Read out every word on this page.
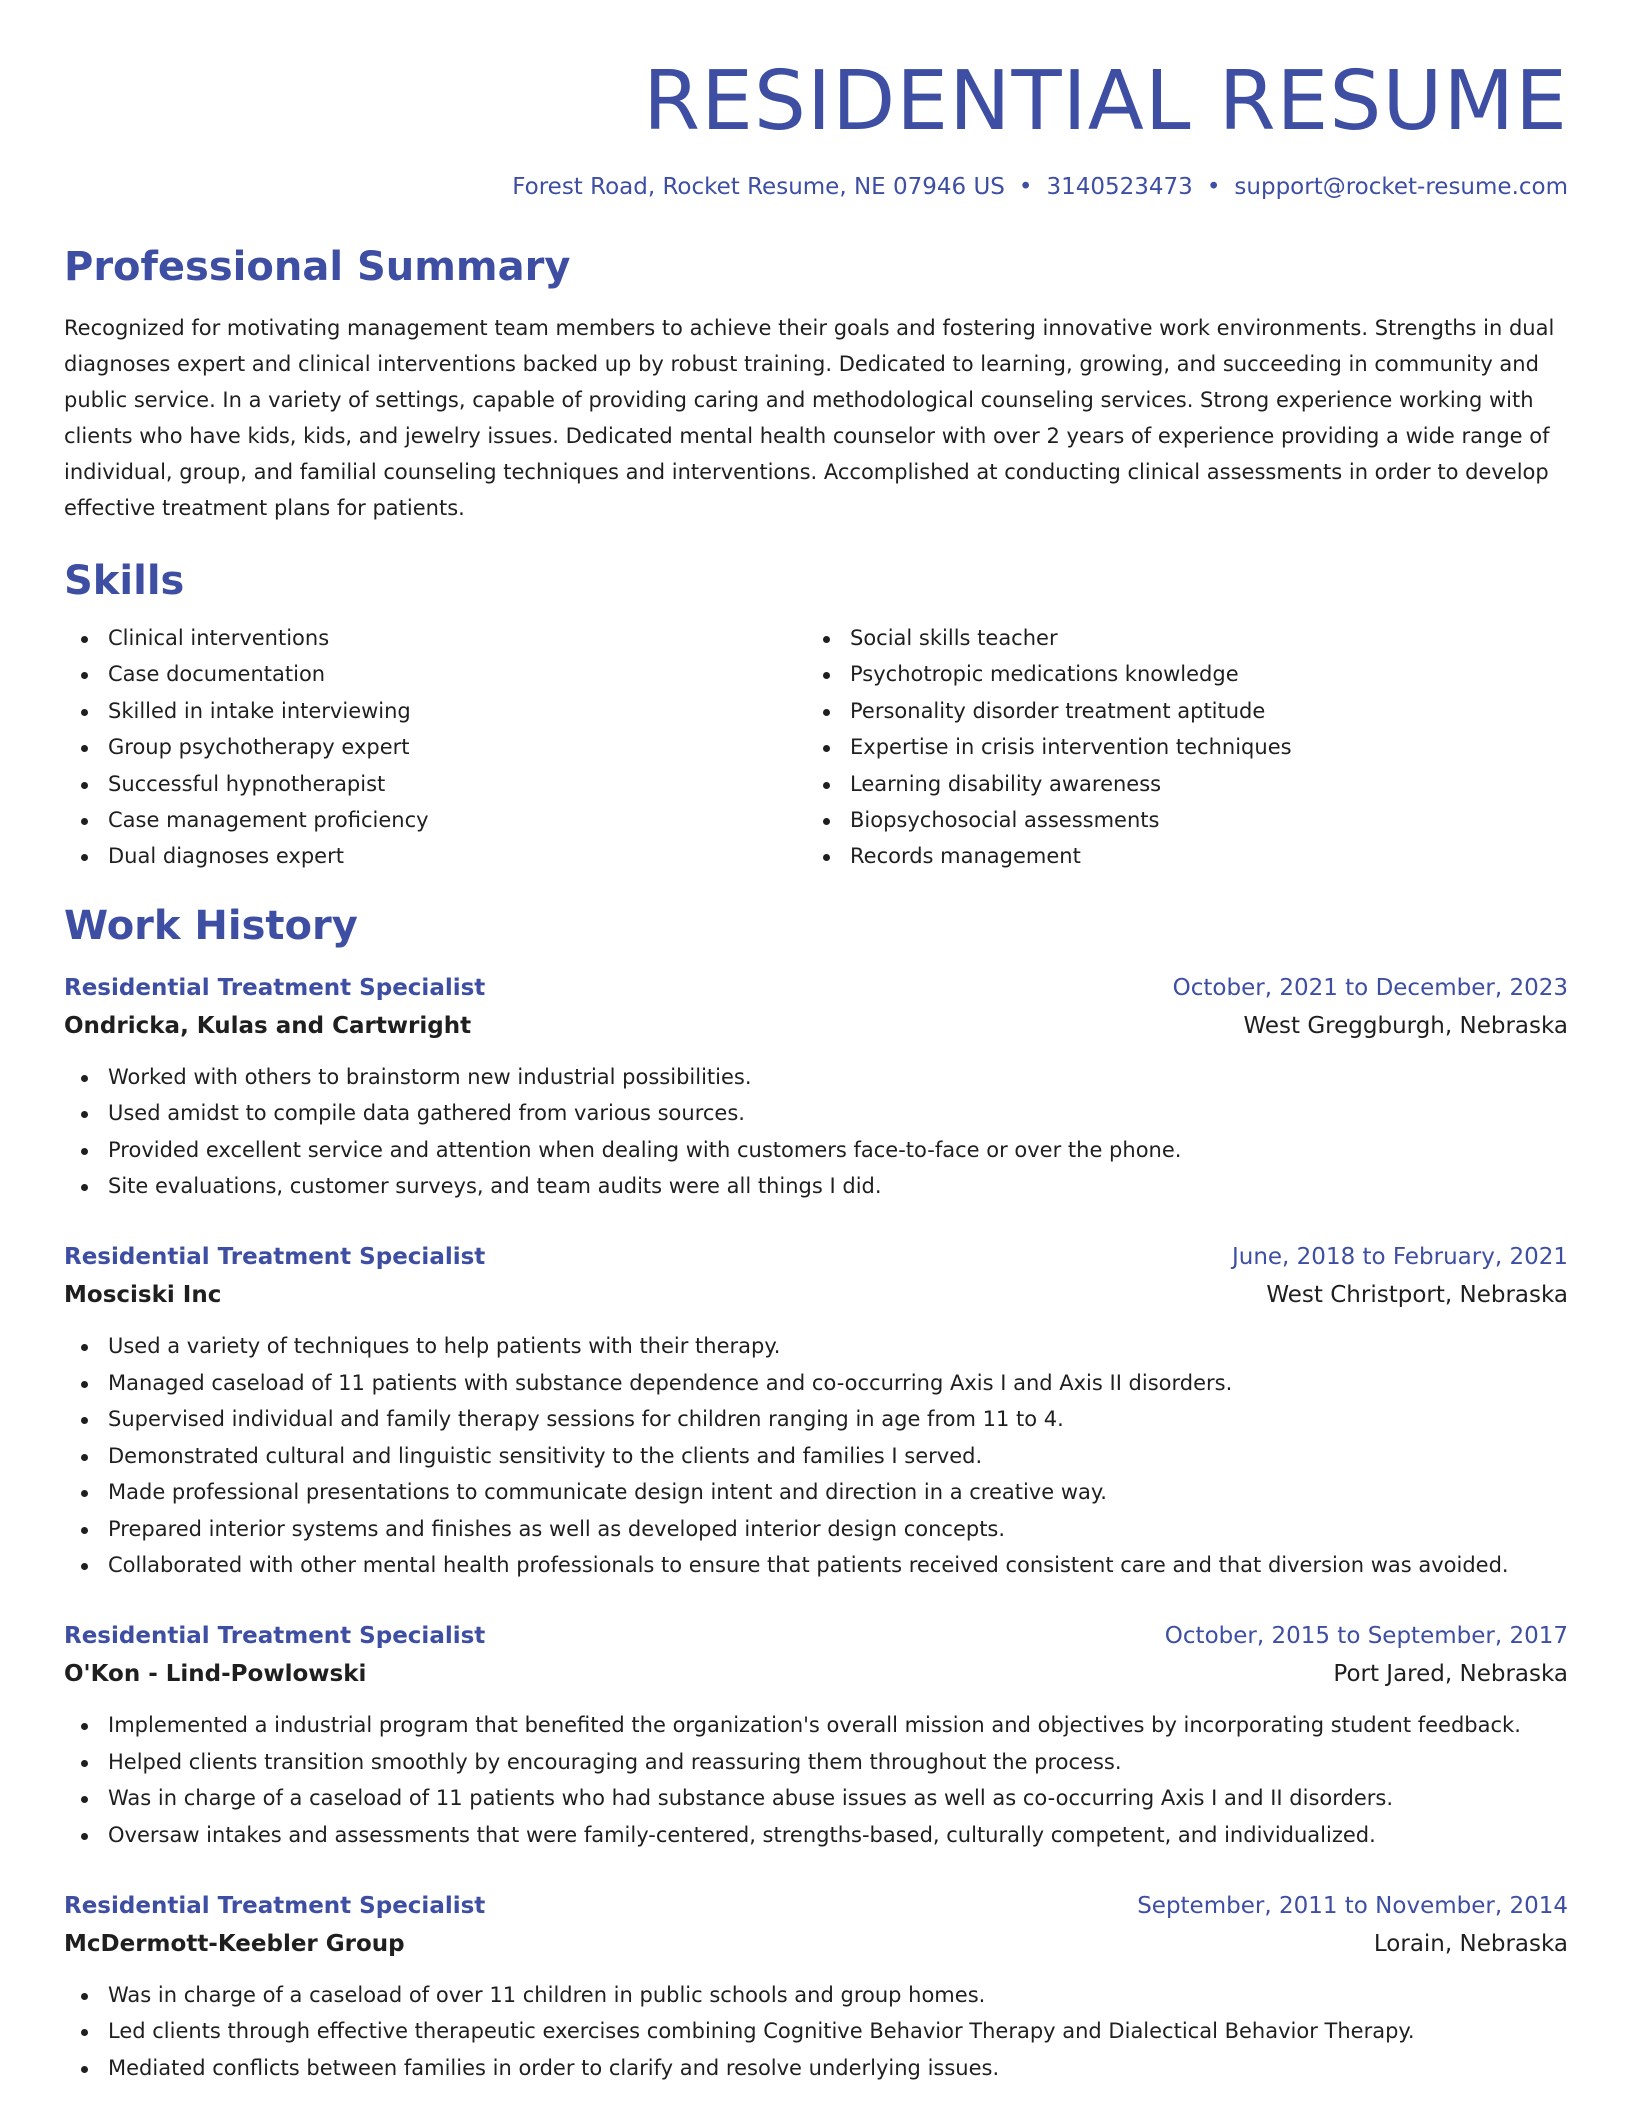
RESIDENTIAL RESUME
Forest Road, Rocket Resume, NE 07946 US • 3140523473 • support@rocket-resume.com
Professional Summary

Recognized for motivating management team members to achieve their goals and fostering innovative work environments. Strengths in dual diagnoses expert and clinical interventions backed up by robust training. Dedicated to learning, growing, and succeeding in community and public service. In a variety of settings, capable of providing caring and methodological counseling services. Strong experience working with clients who have kids, kids, and jewelry issues. Dedicated mental health counselor with over 2 years of experience providing a wide range of individual, group, and familial counseling techniques and interventions. Accomplished at conducting clinical assessments in order to develop effective treatment plans for patients.

Skills
Clinical interventions
Case documentation
Skilled in intake interviewing
Group psychotherapy expert
Successful hypnotherapist
Case management proficiency
Dual diagnoses expert
Social skills teacher
Psychotropic medications knowledge
Personality disorder treatment aptitude
Expertise in crisis intervention techniques
Learning disability awareness
Biopsychosocial assessments
Records management
Work History
Residential Treatment Specialist	October, 2021 to December, 2023
Ondricka, Kulas and Cartwright	West Greggburgh, Nebraska
Worked with others to brainstorm new industrial possibilities.
Used amidst to compile data gathered from various sources.
Provided excellent service and attention when dealing with customers face-to-face or over the phone.
Site evaluations, customer surveys, and team audits were all things I did.
Residential Treatment Specialist	June, 2018 to February, 2021
Mosciski Inc	West Christport, Nebraska
Used a variety of techniques to help patients with their therapy.
Managed caseload of 11 patients with substance dependence and co-occurring Axis I and Axis II disorders.
Supervised individual and family therapy sessions for children ranging in age from 11 to 4.
Demonstrated cultural and linguistic sensitivity to the clients and families I served.
Made professional presentations to communicate design intent and direction in a creative way.
Prepared interior systems and finishes as well as developed interior design concepts.
Collaborated with other mental health professionals to ensure that patients received consistent care and that diversion was avoided.
Residential Treatment Specialist	October, 2015 to September, 2017
O'Kon - Lind-Powlowski	Port Jared, Nebraska
Implemented a industrial program that benefited the organization's overall mission and objectives by incorporating student feedback.
Helped clients transition smoothly by encouraging and reassuring them throughout the process.
Was in charge of a caseload of 11 patients who had substance abuse issues as well as co-occurring Axis I and II disorders.
Oversaw intakes and assessments that were family-centered, strengths-based, culturally competent, and individualized.
Residential Treatment Specialist	September, 2011 to November, 2014
McDermott-Keebler Group	Lorain, Nebraska
Was in charge of a caseload of over 11 children in public schools and group homes.
Led clients through effective therapeutic exercises combining Cognitive Behavior Therapy and Dialectical Behavior Therapy.
Mediated conflicts between families in order to clarify and resolve underlying issues.
